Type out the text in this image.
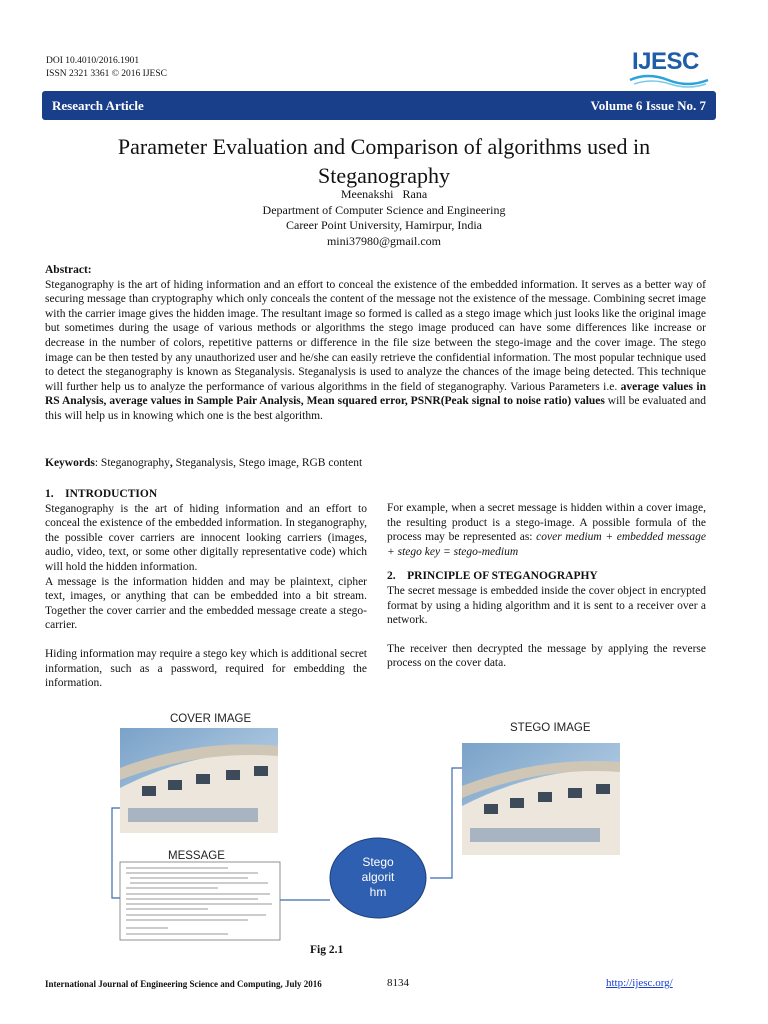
DOI 10.4010/2016.1901
ISSN 2321 3361 © 2016 IJESC	IJESC
Research Article	Volume 6 Issue No. 7
Parameter Evaluation and Comparison of algorithms used in
Steganography
Meenakshi   Rana
Department of Computer Science and Engineering
Career Point University, Hamirpur, India
mini37980@gmail.com
Abstract:
Steganography is the art of hiding information and an effort to conceal the existence of the embedded information. It serves as a better way of securing message than cryptography which only conceals the content of the message not the existence of the message. Combining secret image with the carrier image gives the hidden image. The resultant image so formed is called as a stego image which just looks like the original image but sometimes during the usage of various methods or algorithms the stego image produced can have some differences like increase or decrease in the number of colors, repetitive patterns or difference in the file size between the stego-image and the cover image. The stego image can be then tested by any unauthorized user and he/she can easily retrieve the confidential information. The most popular technique used to detect the steganography is known as Steganalysis. Steganalysis is used to analyze the chances of the image being detected. This technique will further help us to analyze the performance of various algorithms in the field of steganography. Various Parameters i.e. average values in RS Analysis, average values in Sample Pair Analysis, Mean squared error, PSNR(Peak signal to noise ratio) values will be evaluated and this will help us in knowing which one is the best algorithm.
Keywords: Steganography, Steganalysis, Stego image, RGB content
1.    INTRODUCTION
Steganography is the art of hiding information and an effort to conceal the existence of the embedded information. In steganography, the possible cover carriers are innocent looking carriers (images, audio, video, text, or some other digitally representative code) which will hold the hidden information.
A message is the information hidden and may be plaintext, cipher text, images, or anything that can be embedded into a bit stream. Together the cover carrier and the embedded message create a stego-carrier.
Hiding information may require a stego key which is additional secret information, such as a password, required for embedding the information.
For example, when a secret message is hidden within a cover image, the resulting product is a stego-image. A possible formula of the process may be represented as: cover medium + embedded message + stego key = stego-medium
2.    PRINCIPLE OF STEGANOGRAPHY
The secret message is embedded inside the cover object in encrypted format by using a hiding algorithm and it is sent to a receiver over a network.
The receiver then decrypted the message by applying the reverse process on the cover data.
COVER IMAGE
STEGO IMAGE
MESSAGE	Stego
algorit
hm
Fig 2.1
International Journal of Engineering Science and Computing, July 2016	8134	http://ijesc.org/
